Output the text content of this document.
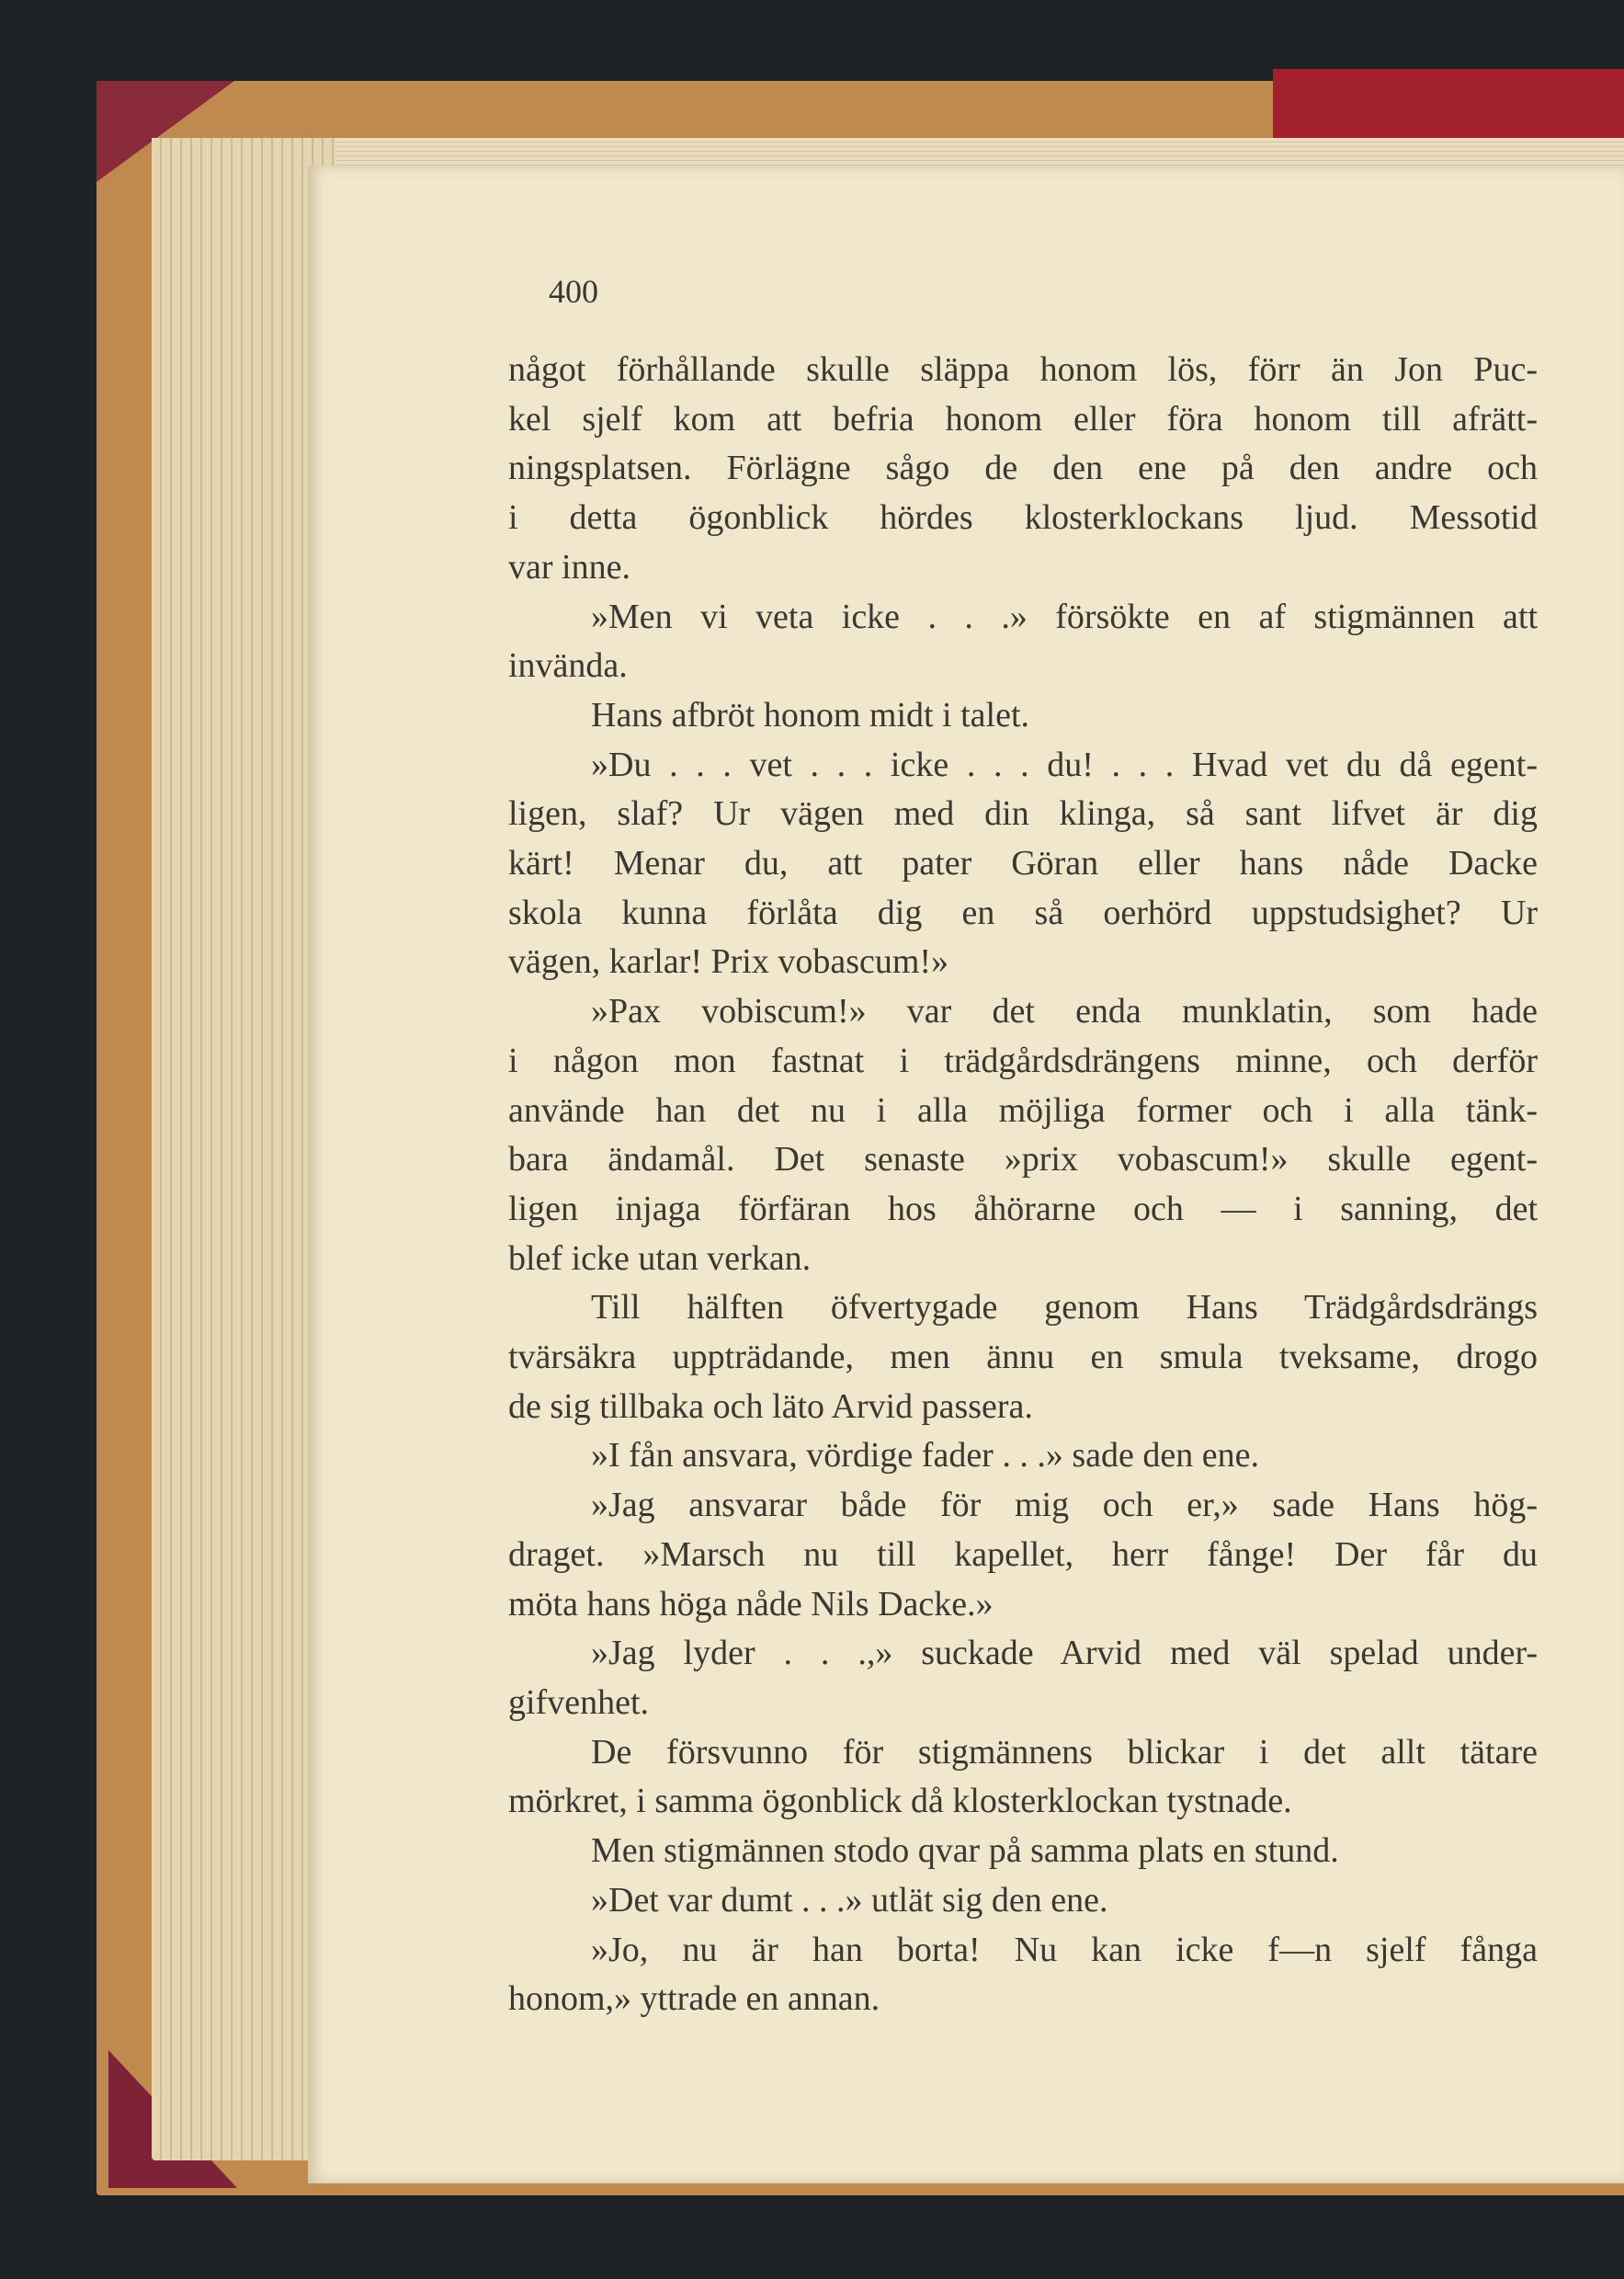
400
något förhållande skulle släppa honom lös, förr än Jon Puc-
kel sjelf kom att befria honom eller föra honom till afrätt-
ningsplatsen. Förlägne sågo de den ene på den andre och
i detta ögonblick hördes klosterklockans ljud. Messotid
var inne.
»Men vi veta icke . . .» försökte en af stigmännen att
invända.
Hans afbröt honom midt i talet.
»Du . . . vet . . . icke . . . du! . . . Hvad vet du då egent-
ligen, slaf? Ur vägen med din klinga, så sant lifvet är dig
kärt! Menar du, att pater Göran eller hans nåde Dacke
skola kunna förlåta dig en så oerhörd uppstudsighet? Ur
vägen, karlar! Prix vobascum!»
»Pax vobiscum!» var det enda munklatin, som hade
i någon mon fastnat i trädgårdsdrängens minne, och derför
använde han det nu i alla möjliga former och i alla tänk-
bara ändamål. Det senaste »prix vobascum!» skulle egent-
ligen injaga förfäran hos åhörarne och — i sanning, det
blef icke utan verkan.
Till hälften öfvertygade genom Hans Trädgårdsdrängs
tvärsäkra uppträdande, men ännu en smula tveksame, drogo
de sig tillbaka och läto Arvid passera.
»I fån ansvara, vördige fader . . .» sade den ene.
»Jag ansvarar både för mig och er,» sade Hans hög-
draget. »Marsch nu till kapellet, herr fånge! Der får du
möta hans höga nåde Nils Dacke.»
»Jag lyder . . .,» suckade Arvid med väl spelad under-
gifvenhet.
De försvunno för stigmännens blickar i det allt tätare
mörkret, i samma ögonblick då klosterklockan tystnade.
Men stigmännen stodo qvar på samma plats en stund.
»Det var dumt . . .» utlät sig den ene.
»Jo, nu är han borta! Nu kan icke f—n sjelf fånga
honom,» yttrade en annan.
